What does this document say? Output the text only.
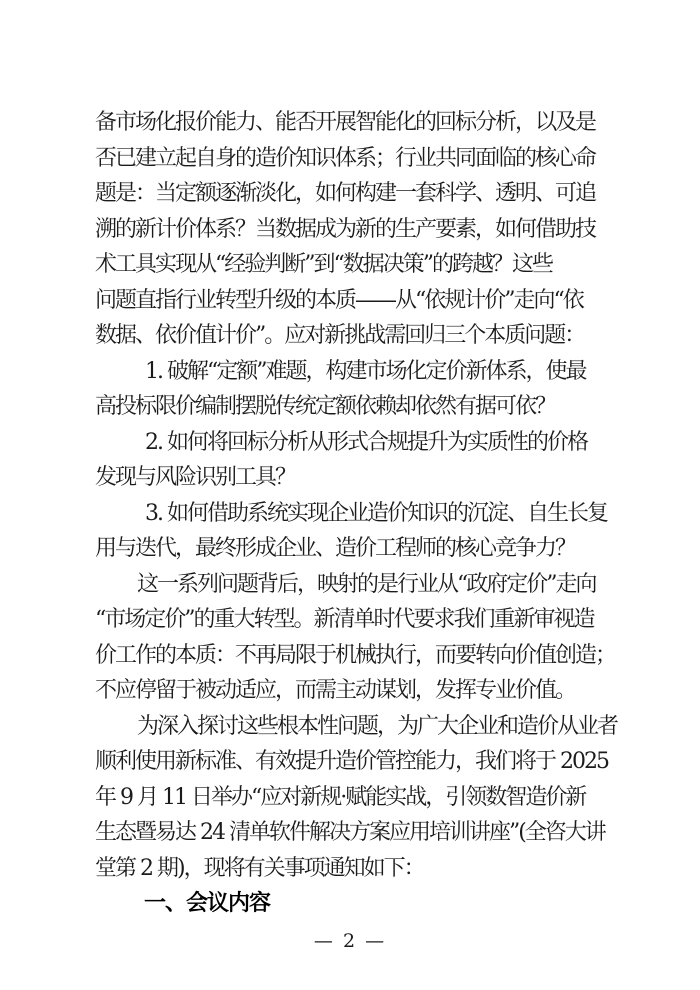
备市场化报价能力、能否开展智能化的回标分析，以及是
否已建立起自身的造价知识体系；行业共同面临的核心命
题是：当定额逐渐淡化，如何构建一套科学、透明、可追
溯的新计价体系？当数据成为新的生产要素，如何借助技
术工具实现从“经验判断”到“数据决策”的跨越？这些
问题直指行业转型升级的本质——从“依规计价”走向“依
数据、依价值计价”。应对新挑战需回归三个本质问题：
1. 破解“定额”难题，构建市场化定价新体系，使最
高投标限价编制摆脱传统定额依赖却依然有据可依？
2. 如何将回标分析从形式合规提升为实质性的价格
发现与风险识别工具？
3. 如何借助系统实现企业造价知识的沉淀、自生长复
用与迭代，最终形成企业、造价工程师的核心竞争力？
这一系列问题背后，映射的是行业从“政府定价”走向
“市场定价”的重大转型。新清单时代要求我们重新审视造
价工作的本质：不再局限于机械执行，而要转向价值创造；
不应停留于被动适应，而需主动谋划，发挥专业价值。
为深入探讨这些根本性问题，为广大企业和造价从业者
顺利使用新标准、有效提升造价管控能力，我们将于 2025
年 9 月 11 日举办“应对新规·赋能实战，引领数智造价新
生态暨易达 24 清单软件解决方案应用培训讲座”(全咨大讲
堂第 2 期)，现将有关事项通知如下：
一、会议内容
— 2 —
